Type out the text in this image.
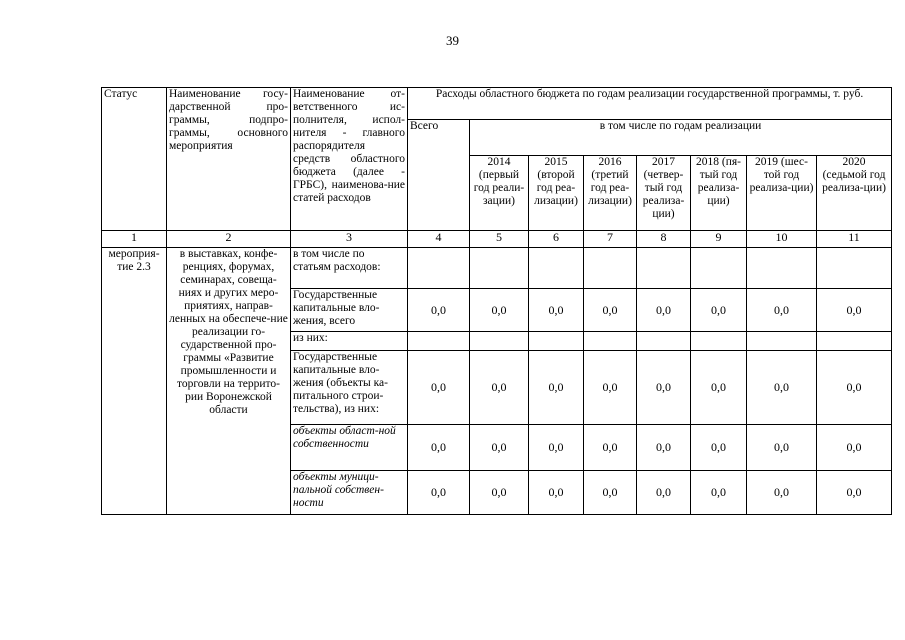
39
Статус	Наименование госу-дарственной про-граммы, подпро-граммы, основного мероприятия	Наименование от-ветственного ис-полнителя, испол-нителя - главного распорядителя средств областного бюджета (далее - ГРБС), наименова-ние статей расходов	Расходы областного бюджета по годам реализации государственной программы, т. руб.							
			Всего	в том числе по годам реализации						
				2014 (первый год реали-зации)	2015 (второй год реа-лизации)	2016 (третий год реа-лизации)	2017 (четвер-тый год реализа-ции)	2018 (пя-тый год реализа-ции)	2019 (шес-той год реализа-ции)	2020 (седьмой год реализа-ции)
1	2	3	4	5	6	7	8	9	10	11
мероприя-тие 2.3	в выставках, конфе-ренциях, форумах, семинарах, совеща-ниях и других меро-приятиях, направ-ленных на обеспече-ние реализации го-сударственной про-граммы «Развитие промышленности и торговли на террито-рии Воронежской области	в том числе по статьям расходов:								
		Государственные капитальные вло-жения, всего	0,0	0,0	0,0	0,0	0,0	0,0	0,0	0,0
		из них:								
		Государственные капитальные вло-жения (объекты ка-питального строи-тельства), из них:	0,0	0,0	0,0	0,0	0,0	0,0	0,0	0,0
		объекты област-ной собственности	0,0	0,0	0,0	0,0	0,0	0,0	0,0	0,0
		объекты муници-пальной собствен-ности	0,0	0,0	0,0	0,0	0,0	0,0	0,0	0,0
